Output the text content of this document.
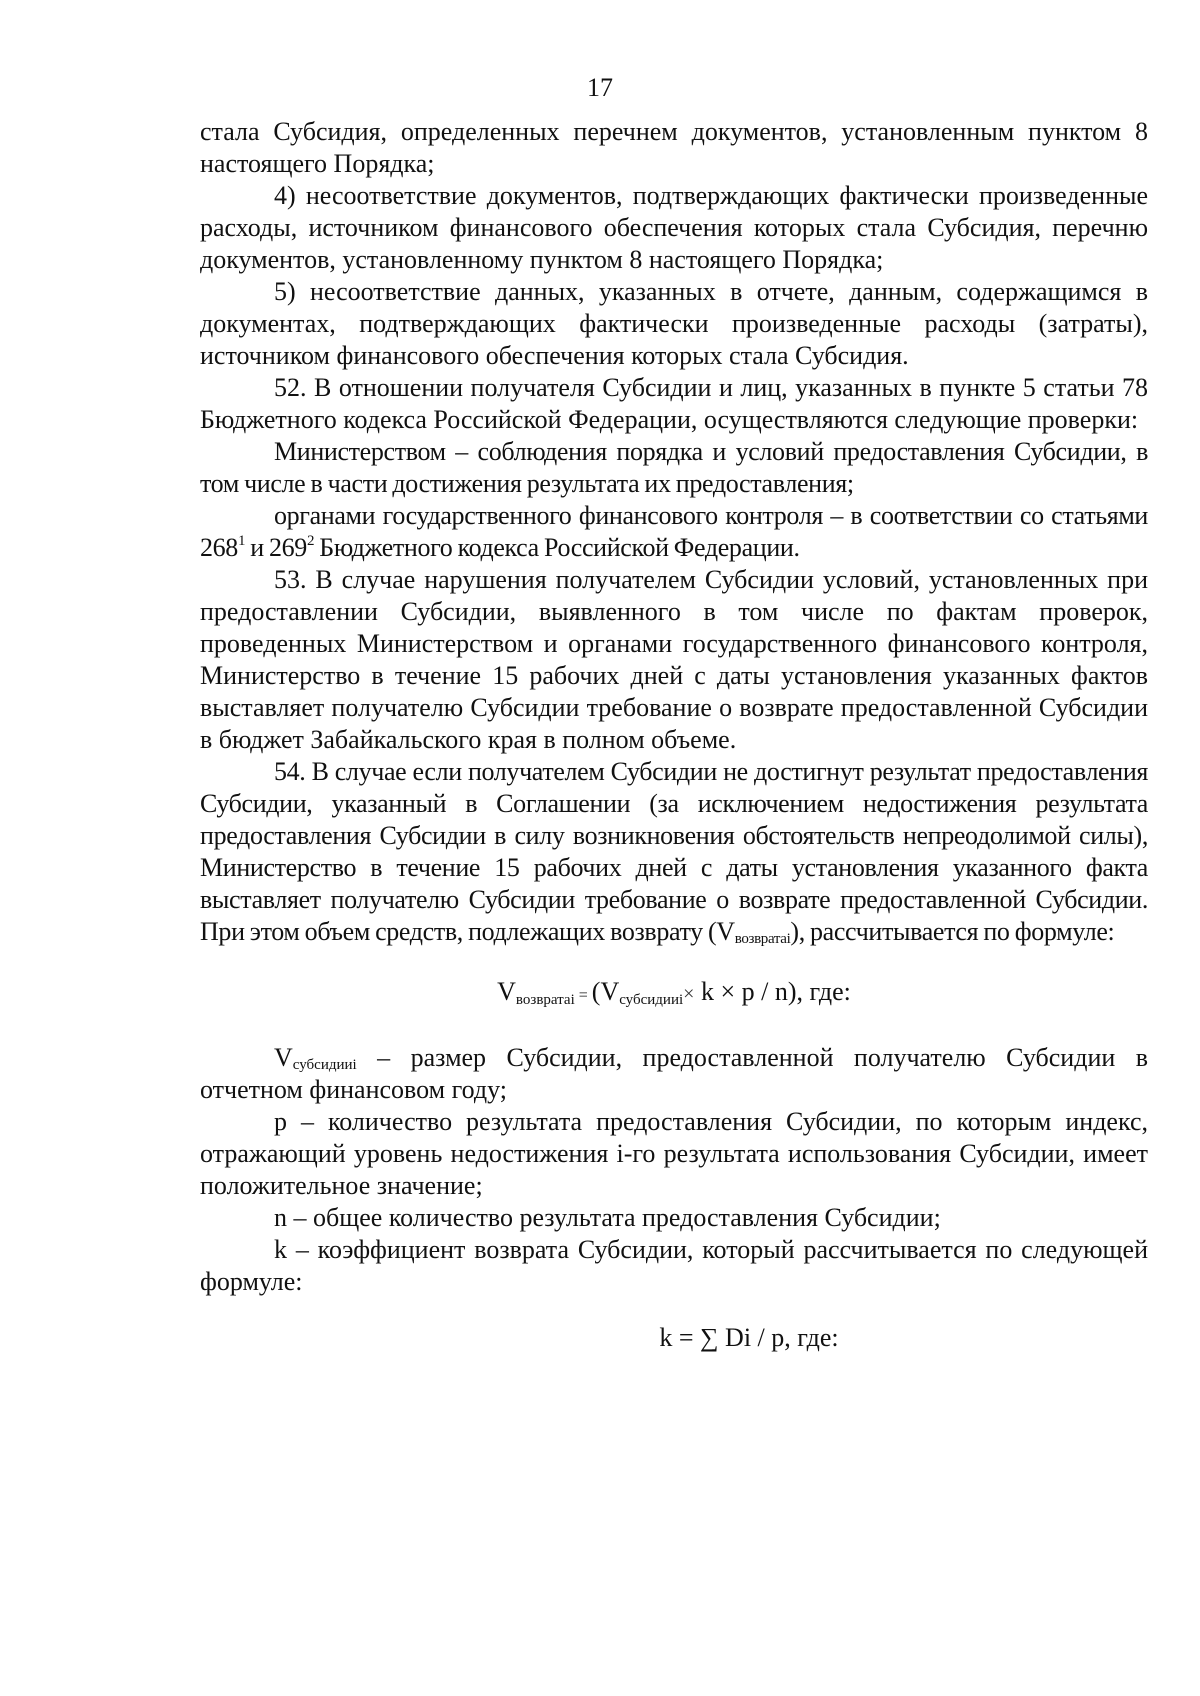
17

стала Субсидия, определенных перечнем документов, установленным пунктом 8 настоящего Порядка;

4) несоответствие документов, подтверждающих фактически произведенные расходы, источником финансового обеспечения которых стала Субсидия, перечню документов, установленному пунктом 8 настоящего Порядка;

5) несоответствие данных, указанных в отчете, данным, содержащимся в документах, подтверждающих фактически произведенные расходы (затраты), источником финансового обеспечения которых стала Субсидия.

52. В отношении получателя Субсидии и лиц, указанных в пункте 5 статьи 78 Бюджетного кодекса Российской Федерации, осуществляются следующие проверки:

Министерством – соблюдения порядка и условий предоставления Субсидии, в том числе в части достижения результата их предоставления;

органами государственного финансового контроля – в соответствии со статьями $268^1$ и $269^2$ Бюджетного кодекса Российской Федерации.

53. В случае нарушения получателем Субсидии условий, установленных при предоставлении Субсидии, выявленного в том числе по фактам проверок, проведенных Министерством и органами государственного финансового контроля, Министерство в течение 15 рабочих дней с даты установления указанных фактов выставляет получателю Субсидии требование о возврате предоставленной Субсидии в бюджет Забайкальского края в полном объеме.

54. В случае если получателем Субсидии не достигнут результат предоставления Субсидии, указанный в Соглашении (за исключением недостижения результата предоставления Субсидии в силу возникновения обстоятельств непреодолимой силы), Министерство в течение 15 рабочих дней с даты установления указанного факта выставляет получателю Субсидии требование о возврате предоставленной Субсидии. При этом объем средств, подлежащих возврату $(V_{возвратаi})$, рассчитывается по формуле:

Vвозвратаi = (Vсубсидииi× k × p / n), где:

$V_{субсидииi}$ – размер Субсидии, предоставленной получателю Субсидии в отчетном финансовом году;

p – количество результата предоставления Субсидии, по которым индекс, отражающий уровень недостижения i-го результата использования Субсидии, имеет положительное значение;

n – общее количество результата предоставления Субсидии;

k – коэффициент возврата Субсидии, который рассчитывается по следующей формуле:

k = ∑ Di / p, где:
